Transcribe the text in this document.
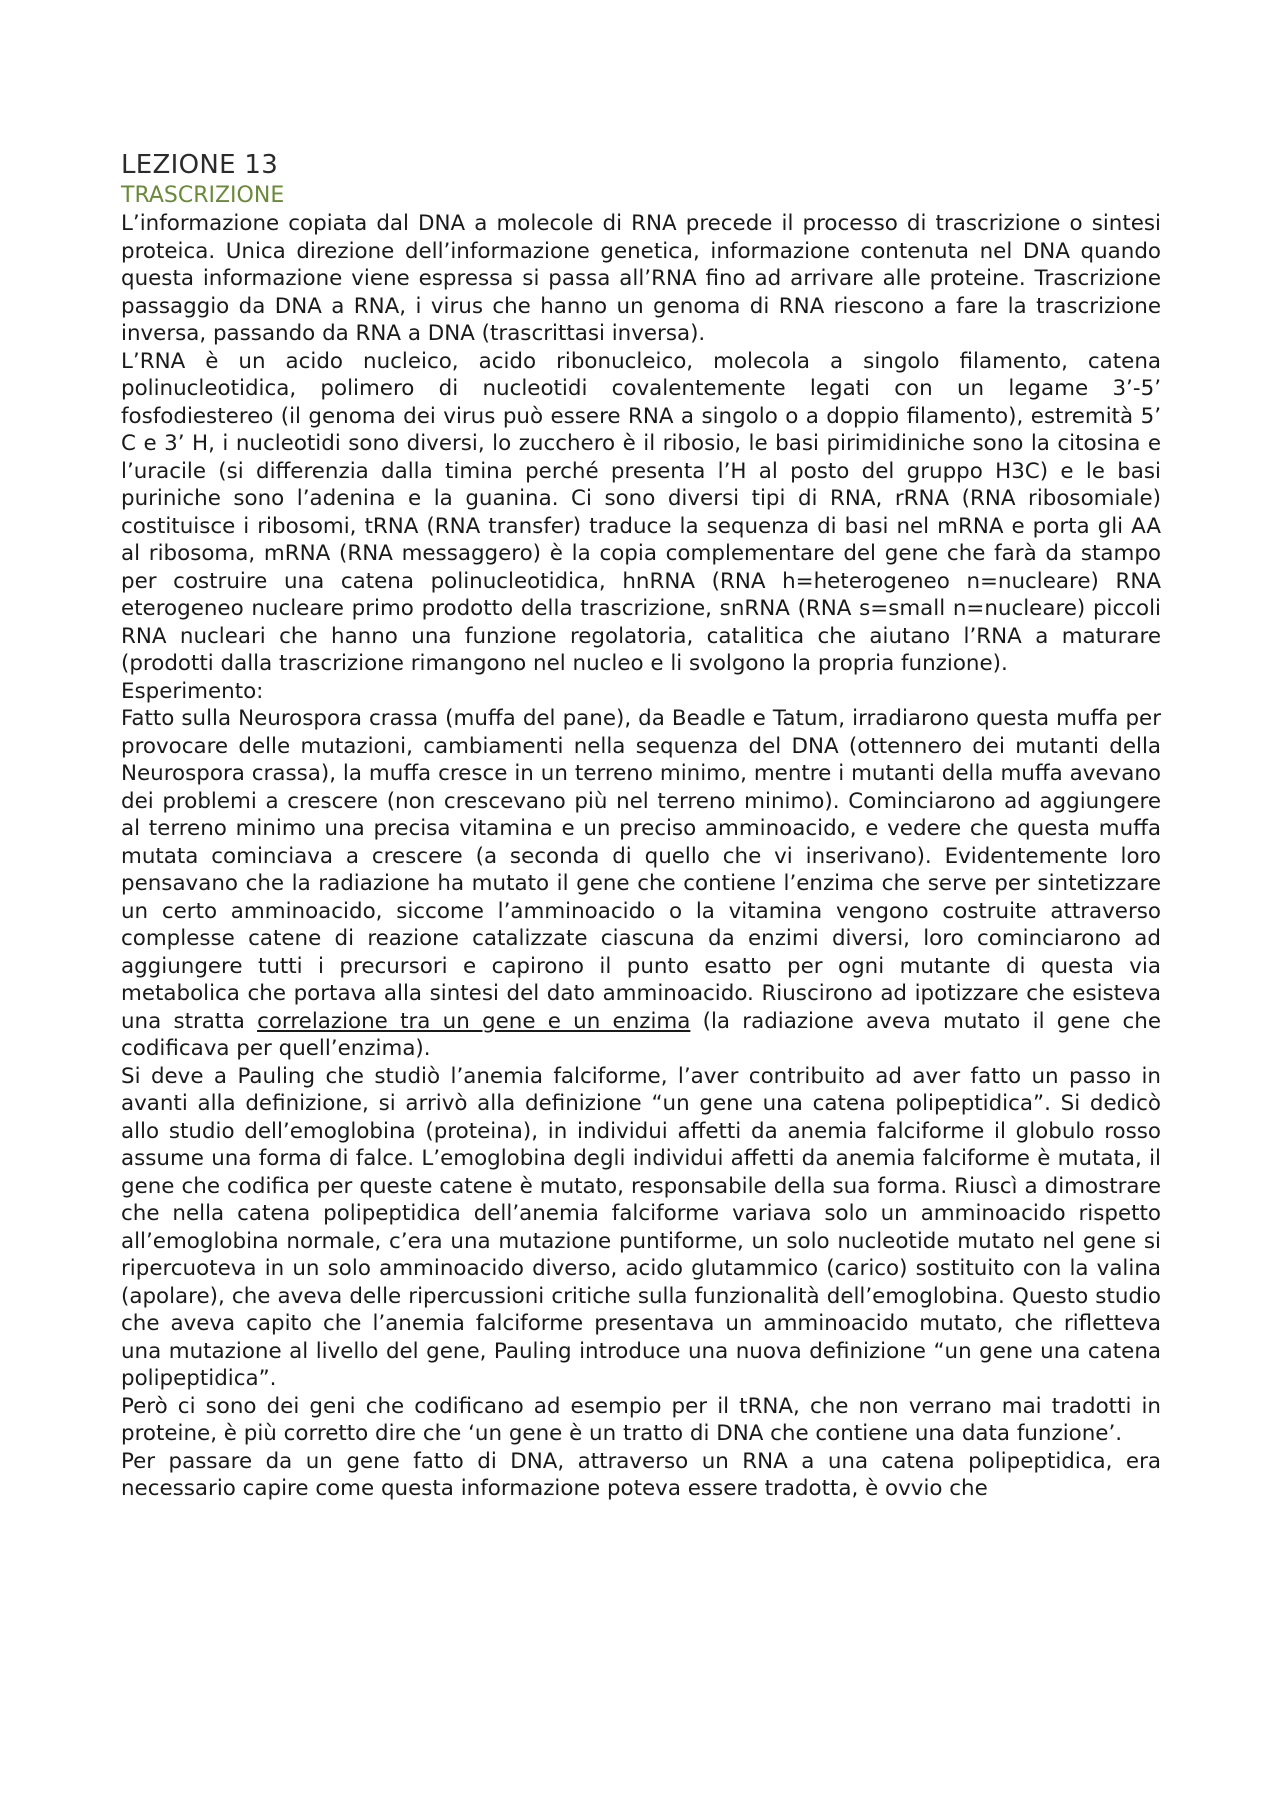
LEZIONE 13
TRASCRIZIONE

L’informazione copiata dal DNA a molecole di RNA precede il processo di trascrizione o sintesi proteica. Unica direzione dell’informazione genetica, informazione contenuta nel DNA quando questa informazione viene espressa si passa all’RNA fino ad arrivare alle proteine. Trascrizione passaggio da DNA a RNA, i virus che hanno un genoma di RNA riescono a fare la trascrizione inversa, passando da RNA a DNA (trascrittasi inversa).

L’RNA è un acido nucleico, acido ribonucleico, molecola a singolo filamento, catena polinucleotidica, polimero di nucleotidi covalentemente legati con un legame 3’-5’ fosfodiestereo (il genoma dei virus può essere RNA a singolo o a doppio filamento), estremità 5’ C e 3’ H, i nucleotidi sono diversi, lo zucchero è il ribosio, le basi pirimidiniche sono la citosina e l’uracile (si differenzia dalla timina perché presenta l’H al posto del gruppo H3C) e le basi puriniche sono l’adenina e la guanina. Ci sono diversi tipi di RNA, rRNA (RNA ribosomiale) costituisce i ribosomi, tRNA (RNA transfer) traduce la sequenza di basi nel mRNA e porta gli AA al ribosoma, mRNA (RNA messaggero) è la copia complementare del gene che farà da stampo per costruire una catena polinucleotidica, hnRNA (RNA h=heterogeneo n=nucleare) RNA eterogeneo nucleare primo prodotto della trascrizione, snRNA (RNA s=small n=nucleare) piccoli RNA nucleari che hanno una funzione regolatoria, catalitica che aiutano l’RNA a maturare (prodotti dalla trascrizione rimangono nel nucleo e li svolgono la propria funzione).

Esperimento:

Fatto sulla Neurospora crassa (muffa del pane), da Beadle e Tatum, irradiarono questa muffa per provocare delle mutazioni, cambiamenti nella sequenza del DNA (ottennero dei mutanti della Neurospora crassa), la muffa cresce in un terreno minimo, mentre i mutanti della muffa avevano dei problemi a crescere (non crescevano più nel terreno minimo). Cominciarono ad aggiungere al terreno minimo una precisa vitamina e un preciso amminoacido, e vedere che questa muffa mutata cominciava a crescere (a seconda di quello che vi inserivano). Evidentemente loro pensavano che la radiazione ha mutato il gene che contiene l’enzima che serve per sintetizzare un certo amminoacido, siccome l’amminoacido o la vitamina vengono costruite attraverso complesse catene di reazione catalizzate ciascuna da enzimi diversi, loro cominciarono ad aggiungere tutti i precursori e capirono il punto esatto per ogni mutante di questa via metabolica che portava alla sintesi del dato amminoacido. Riuscirono ad ipotizzare che esisteva una stratta correlazione tra un gene e un enzima (la radiazione aveva mutato il gene che codificava per quell’enzima).

Si deve a Pauling che studiò l’anemia falciforme, l’aver contribuito ad aver fatto un passo in avanti alla definizione, si arrivò alla definizione “un gene una catena polipeptidica”. Si dedicò allo studio dell’emoglobina (proteina), in individui affetti da anemia falciforme il globulo rosso assume una forma di falce. L’emoglobina degli individui affetti da anemia falciforme è mutata, il gene che codifica per queste catene è mutato, responsabile della sua forma. Riuscì a dimostrare che nella catena polipeptidica dell’anemia falciforme variava solo un amminoacido rispetto all’emoglobina normale, c’era una mutazione puntiforme, un solo nucleotide mutato nel gene si ripercuoteva in un solo amminoacido diverso, acido glutammico (carico) sostituito con la valina (apolare), che aveva delle ripercussioni critiche sulla funzionalità dell’emoglobina. Questo studio che aveva capito che l’anemia falciforme presentava un amminoacido mutato, che rifletteva una mutazione al livello del gene, Pauling introduce una nuova definizione “un gene una catena polipeptidica”.

Però ci sono dei geni che codificano ad esempio per il tRNA, che non verrano mai tradotti in proteine, è più corretto dire che ‘un gene è un tratto di DNA che contiene una data funzione’.

Per passare da un gene fatto di DNA, attraverso un RNA a una catena polipeptidica, era necessario capire come questa informazione poteva essere tradotta, è ovvio che
